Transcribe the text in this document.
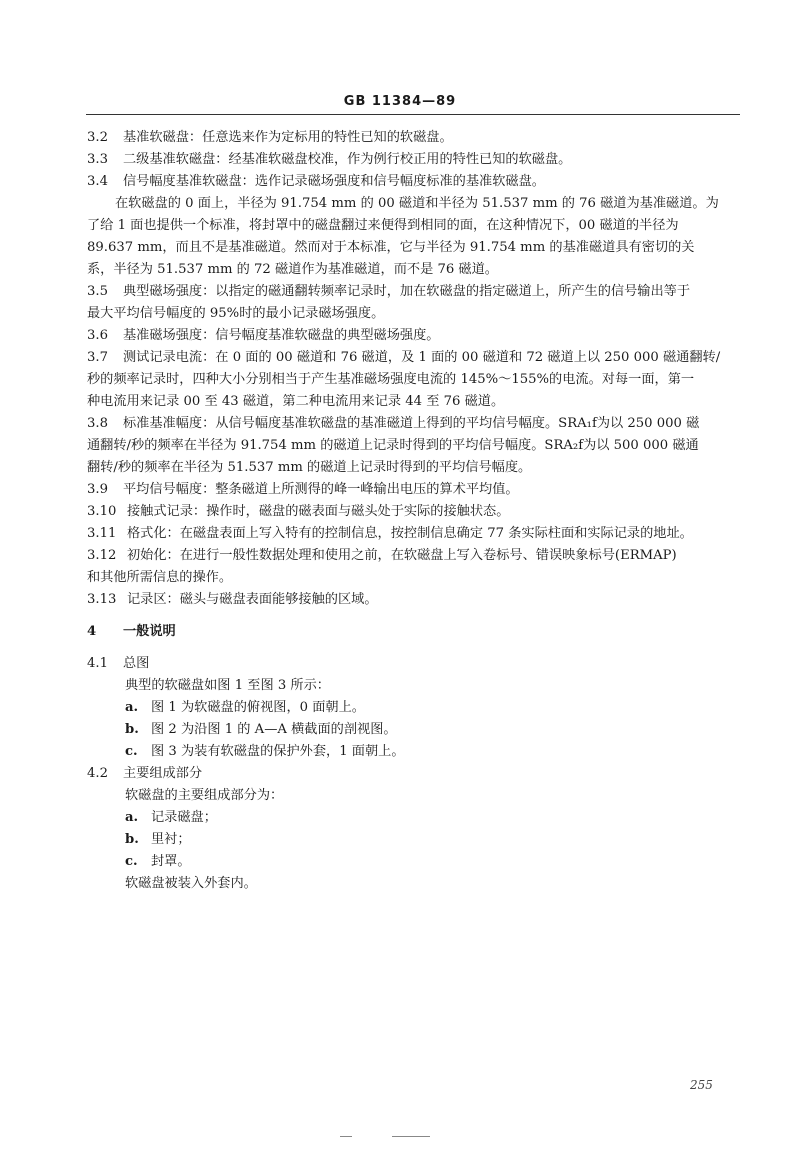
GB 11384—89
3.2 基准软磁盘：任意选来作为定标用的特性已知的软磁盘。
3.3 二级基准软磁盘：经基准软磁盘校准，作为例行校正用的特性已知的软磁盘。
3.4 信号幅度基准软磁盘：选作记录磁场强度和信号幅度标准的基准软磁盘。
在软磁盘的 0 面上，半径为 91.754 mm 的 00 磁道和半径为 51.537 mm 的 76 磁道为基准磁道。为
了给 1 面也提供一个标准，将封罩中的磁盘翻过来便得到相同的面，在这种情况下，00 磁道的半径为
89.637 mm，而且不是基准磁道。然而对于本标准，它与半径为 91.754 mm 的基准磁道具有密切的关
系，半径为 51.537 mm 的 72 磁道作为基准磁道，而不是 76 磁道。
3.5 典型磁场强度：以指定的磁通翻转频率记录时，加在软磁盘的指定磁道上，所产生的信号输出等于
最大平均信号幅度的 95%时的最小记录磁场强度。
3.6 基准磁场强度：信号幅度基准软磁盘的典型磁场强度。
3.7 测试记录电流：在 0 面的 00 磁道和 76 磁道，及 1 面的 00 磁道和 72 磁道上以 250 000 磁通翻转/
秒的频率记录时，四种大小分别相当于产生基准磁场强度电流的 145%～155%的电流。对每一面，第一
种电流用来记录 00 至 43 磁道，第二种电流用来记录 44 至 76 磁道。
3.8 标准基准幅度：从信号幅度基准软磁盘的基准磁道上得到的平均信号幅度。SRA₁f为以 250 000 磁
通翻转/秒的频率在半径为 91.754 mm 的磁道上记录时得到的平均信号幅度。SRA₂f为以 500 000 磁通
翻转/秒的频率在半径为 51.537 mm 的磁道上记录时得到的平均信号幅度。
3.9 平均信号幅度：整条磁道上所测得的峰一峰输出电压的算术平均值。
3.10 接触式记录：操作时，磁盘的磁表面与磁头处于实际的接触状态。
3.11 格式化：在磁盘表面上写入特有的控制信息，按控制信息确定 77 条实际柱面和实际记录的地址。
3.12 初始化：在进行一般性数据处理和使用之前，在软磁盘上写入卷标号、错误映象标号(ERMAP)
和其他所需信息的操作。
3.13 记录区：磁头与磁盘表面能够接触的区域。
4 一般说明
4.1 总图
典型的软磁盘如图 1 至图 3 所示：
a. 图 1 为软磁盘的俯视图，0 面朝上。
b. 图 2 为沿图 1 的 A—A 横截面的剖视图。
c. 图 3 为装有软磁盘的保护外套，1 面朝上。
4.2 主要组成部分
软磁盘的主要组成部分为：
a. 记录磁盘；
b. 里衬；
c. 封罩。
软磁盘被装入外套内。
255
